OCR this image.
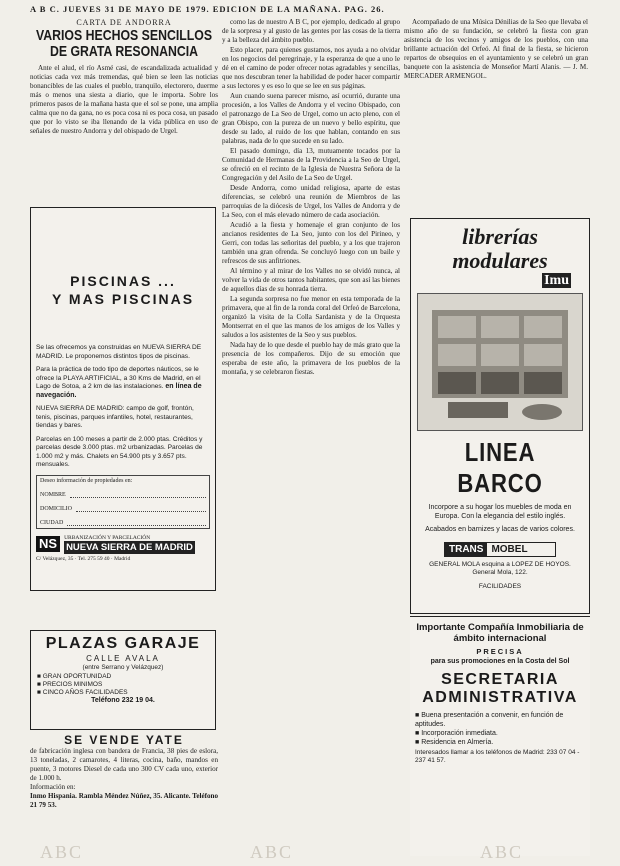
A B C. JUEVES 31 DE MAYO DE 1979. EDICION DE LA MAÑANA. PAG. 26.
CARTA DE ANDORRA
VARIOS HECHOS SENCILLOS DE GRATA RESONANCIA

Ante el alud, el río Asmé casi, de escandalizada actualidad y noticias cada vez más tremendas, qué bien se leen las noticias bonancibles de las cuales el pueblo, tranquilo, electorero, duerme más o menos una siesta a diario, que le importa. Sobre los primeros pasos de la mañana hasta que el sol se pone, una amplia calma que no da gana, no es poca cosa ni es poca cosa, un pasado que por lo visto se iba llenando de la vida pública en uso de señales de nuestro Andorra y del obispado de Urgel.

PISCINAS ...
Y MAS PISCINAS

Se las ofrecemos ya construidas en NUEVA SIERRA DE MADRID. Le proponemos distintos tipos de piscinas.

Para la práctica de todo tipo de deportes náuticos, se le ofrece la PLAYA ARTIFICIAL, a 30 Kms de Madrid, en el Lago de Sotoa, a 2 km de las instalaciones. en línea de navegación.

NUEVA SIERRA DE MADRID: campo de golf, frontón, tenis, piscinas, parques infantiles, hotel, restaurantes, tiendas y bares.

Parcelas en 100 meses a partir de 2.000 ptas. Créditos y parcelas desde 3.000 ptas. m2 urbanizadas. Parcelas de 1.000 m2 y más. Chalets en 54.900 pts y 3.657 pts. mensuales.

Deseo información de propiedades en:
NOMBRE
DOMICILIO
CIUDAD
NS	URBANIZACIÓN Y PARCELACIÓN
NUEVA SIERRA DE MADRID
C/ Velázquez, 35 · Tel. 275 59 40 · Madrid
PLAZAS GARAJE
CALLE AVALA
(entre Serrano y Velázquez)
■ GRAN OPORTUNIDAD
■ PRECIOS MINIMOS
■ CINCO AÑOS FACILIDADES
Teléfono 232 19 04.
SE VENDE YATE
de fabricación inglesa con bandera de Francia, 38 pies de eslora, 13 toneladas, 2 camarotes, 4 literas, cocina, baño, mandos en puente, 3 motores Diesel de cada uno 300 CV cada uno, exterior de 1.000 h.
Información en:
Inmo Hispania. Rambla Méndez Núñez, 35. Alicante. Teléfono 21 79 53.

como las de nuestro A B C, por ejemplo, dedicado al grupo de la sorpresa y al gusto de las gentes por las cosas de la tierra y a la belleza del ámbito pueblo.

Esto placer, para quienes gustamos, nos ayuda a no olvidar en los negocios del peregrinaje, y la esperanza de que a uno le dé en el camino de poder ofrecer notas agradables y sencillas, que nos descubran tener la habilidad de poder hacer compartir a sus lectores y es eso lo que se lee en sus páginas.

Aun cuando suena parecer mismo, así ocurrió, durante una procesión, a los Valles de Andorra y el vecino Obispado, con el patronazgo de La Seo de Urgel, como un acto pleno, con el gran Obispo, con la pureza de un nuevo y bello espíritu, que desde su lado, al ruido de los que hablan, contando en sus palabras, nada de lo que sucede en su lado.

El pasado domingo, día 13, mutuamente tocados por la Comunidad de Hermanas de la Providencia a la Seo de Urgel, se ofreció en el recinto de la Iglesia de Nuestra Señora de la Congregación y del Asilo de La Seo de Urgel.

Desde Andorra, como unidad religiosa, aparte de estas diferencias, se celebró una reunión de Miembros de las parroquias de la diócesis de Urgel, los Valles de Andorra y de La Seo, con el más elevado número de cada asociación.

Acudió a la fiesta y homenaje el gran conjunto de los ancianos residentes de La Seo, junto con los del Pirineo, y Gerri, con todas las señoritas del pueblo, y a los que trajeron también una gran ofrenda. Se concluyó luego con un baile y refrescos de sus anfitriones.

Al término y al mirar de los Valles no se olvidó nunca, al volver la vida de otros tantos habitantes, que son así las bienes de aquellos días de su honrada tierra.

La segunda sorpresa no fue menor en esta temporada de la primavera, que al fin de la ronda coral del Orfeó de Barcelona, organizó la visita de la Colla Sardanista y de la Orquesta Montserrat en el que las manos de los amigos de los Valles y saludos a los asistentes de la Seo y sus pueblos.

Nada hay de lo que desde el pueblo hay de más grato que la presencia de los compañeros. Dijo de su emoción que esperaba de este año, la primavera de los pueblos de la montaña, y se celebraron fiestas.

Acompañado de una Música Dénilias de la Seo que llevaba el mismo año de su fundación, se celebró la fiesta con gran asistencia de los vecinos y amigos de los pueblos, con una brillante actuación del Orfeó. Al final de la fiesta, se hicieron repartos de obsequios en el ayuntamiento y se celebró un gran banquete con la asistencia de Monseñor Martí Alanis. — J. M. MERCADER ARMENGOL.

librerías
modulares
Imu
LINEA BARCO
Incorpore a su hogar los muebles de moda en Europa. Con la elegancia del estilo inglés.
Acabados en barnizes y lacas de varios colores.
TRANS MOBEL
GENERAL MOLA esquina a LOPEZ DE HOYOS. General Mola, 122.
FACILIDADES
Importante Compañía Inmobiliaria de ámbito internacional
PRECISA
para sus promociones en la Costa del Sol
SECRETARIA ADMINISTRATIVA
■ Buena presentación a convenir, en función de aptitudes.
■ Incorporación inmediata.
■ Residencia en Almería.
Interesados llamar a los teléfonos de Madrid: 233 07 04 - 237 41 57.
ABC	ABC	ABC
